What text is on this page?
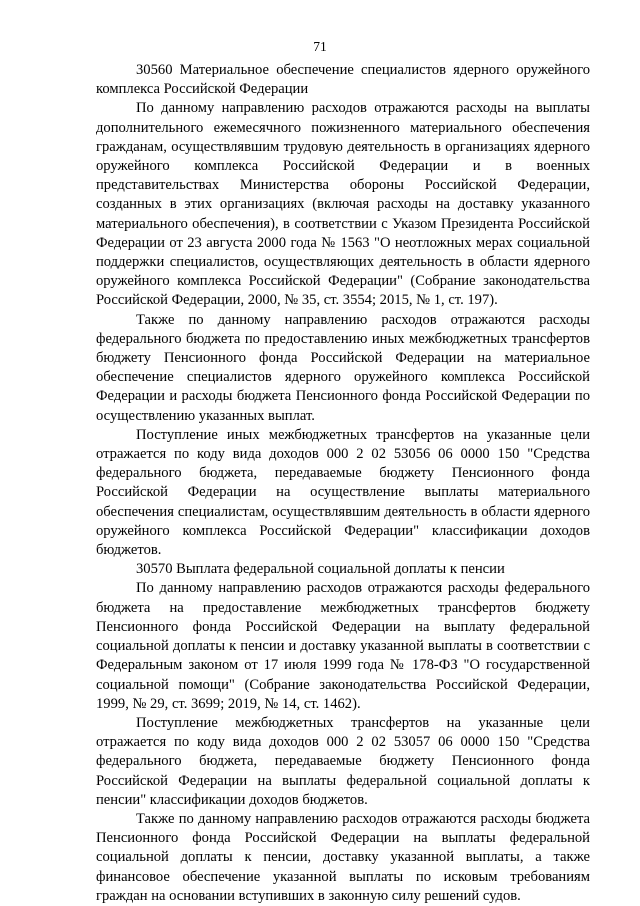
71

30560 Материальное обеспечение специалистов ядерного оружейного комплекса Российской Федерации

По данному направлению расходов отражаются расходы на выплаты дополнительного ежемесячного пожизненного материального обеспечения гражданам, осуществлявшим трудовую деятельность в организациях ядерного оружейного комплекса Российской Федерации и в военных представительствах Министерства обороны Российской Федерации, созданных в этих организациях (включая расходы на доставку указанного материального обеспечения), в соответствии с Указом Президента Российской Федерации от 23 августа 2000 года № 1563 "О неотложных мерах социальной поддержки специалистов, осуществляющих деятельность в области ядерного оружейного комплекса Российской Федерации" (Собрание законодательства Российской Федерации, 2000, № 35, ст. 3554; 2015, № 1, ст. 197).

Также по данному направлению расходов отражаются расходы федерального бюджета по предоставлению иных межбюджетных трансфертов бюджету Пенсионного фонда Российской Федерации на материальное обеспечение специалистов ядерного оружейного комплекса Российской Федерации и расходы бюджета Пенсионного фонда Российской Федерации по осуществлению указанных выплат.

Поступление иных межбюджетных трансфертов на указанные цели отражается по коду вида доходов 000 2 02 53056 06 0000 150 "Средства федерального бюджета, передаваемые бюджету Пенсионного фонда Российской Федерации на осуществление выплаты материального обеспечения специалистам, осуществлявшим деятельность в области ядерного оружейного комплекса Российской Федерации" классификации доходов бюджетов.

30570 Выплата федеральной социальной доплаты к пенсии

По данному направлению расходов отражаются расходы федерального бюджета на предоставление межбюджетных трансфертов бюджету Пенсионного фонда Российской Федерации на выплату федеральной социальной доплаты к пенсии и доставку указанной выплаты в соответствии с Федеральным законом от 17 июля 1999 года № 178-ФЗ "О государственной социальной помощи" (Собрание законодательства Российской Федерации, 1999, № 29, ст. 3699; 2019, № 14, ст. 1462).

Поступление межбюджетных трансфертов на указанные цели отражается по коду вида доходов 000 2 02 53057 06 0000 150 "Средства федерального бюджета, передаваемые бюджету Пенсионного фонда Российской Федерации на выплаты федеральной социальной доплаты к пенсии" классификации доходов бюджетов.

Также по данному направлению расходов отражаются расходы бюджета Пенсионного фонда Российской Федерации на выплаты федеральной социальной доплаты к пенсии, доставку указанной выплаты, а также финансовое обеспечение указанной выплаты по исковым требованиям граждан на основании вступивших в законную силу решений судов.
